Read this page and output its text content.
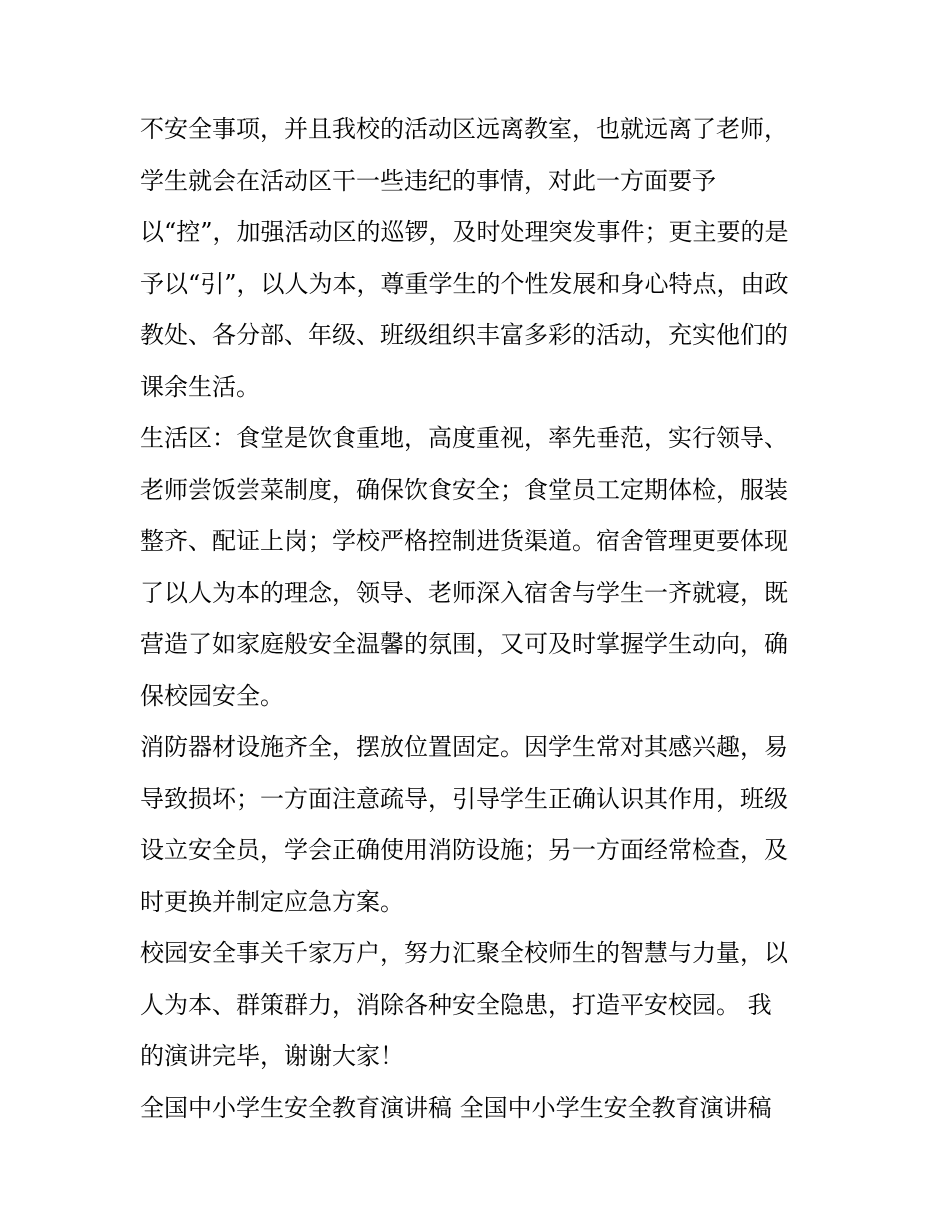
不安全事项，并且我校的活动区远离教室，也就远离了老师，
学生就会在活动区干一些违纪的事情，对此一方面要予
以“控”，加强活动区的巡锣，及时处理突发事件；更主要的是
予以“引”，以人为本，尊重学生的个性发展和身心特点，由政
教处、各分部、年级、班级组织丰富多彩的活动，充实他们的
课余生活。
生活区：食堂是饮食重地，高度重视，率先垂范，实行领导、
老师尝饭尝菜制度，确保饮食安全；食堂员工定期体检，服装
整齐、配证上岗；学校严格控制进货渠道。宿舍管理更要体现
了以人为本的理念，领导、老师深入宿舍与学生一齐就寝，既
营造了如家庭般安全温馨的氛围，又可及时掌握学生动向，确
保校园安全。
消防器材设施齐全，摆放位置固定。因学生常对其感兴趣，易
导致损坏；一方面注意疏导，引导学生正确认识其作用，班级
设立安全员，学会正确使用消防设施；另一方面经常检查，及
时更换并制定应急方案。
校园安全事关千家万户，努力汇聚全校师生的智慧与力量，以
人为本、群策群力，消除各种安全隐患，打造平安校园。 我
的演讲完毕，谢谢大家！
全国中小学生安全教育演讲稿 全国中小学生安全教育演讲稿
